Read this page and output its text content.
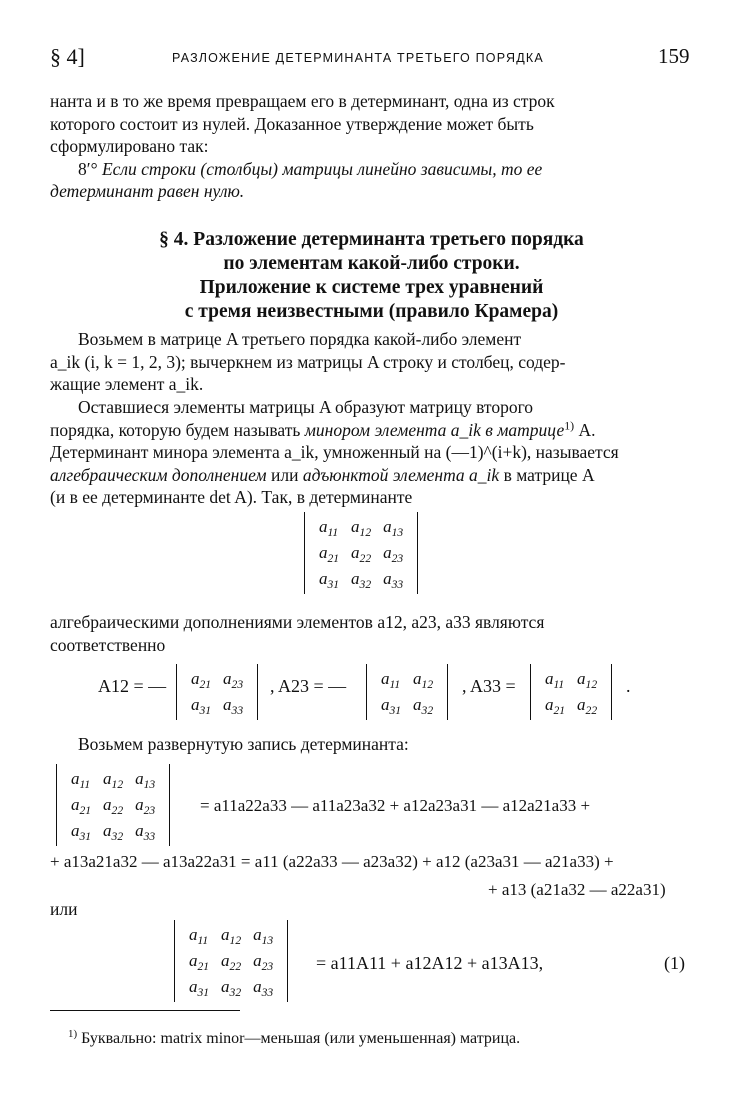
§ 4]	РАЗЛОЖЕНИЕ ДЕТЕРМИНАНТА ТРЕТЬЕГО ПОРЯДКА	159
нанта и в то же время превращаем его в детерминант, одна из строк
которого состоит из нулей. Доказанное утверждение может быть
сформулировано так:
8′° Если строки (столбцы) матрицы линейно зависимы, то ее
детерминант равен нулю.
§ 4. Разложение детерминанта третьего порядка
по элементам какой-либо строки.
Приложение к системе трех уравнений
с тремя неизвестными (правило Крамера)
Возьмем в матрице A третьего порядка какой-либо элемент
a_ik (i, k = 1, 2, 3); вычеркнем из матрицы A строку и столбец, содер-
жащие элемент a_ik.
Оставшиеся элементы матрицы A образуют матрицу второго
порядка, которую будем называть минором элемента a_ik в матрице$^{1)}$ A.
Детерминант минора элемента a_ik, умноженный на (—1)^(i+k), называется
алгебраическим дополнением или адъюнктой элемента a_ik в матрице A
(и в ее детерминанте det A). Так, в детерминанте
$a_{11}$	$a_{12}$	$a_{13}$
$a_{21}$	$a_{22}$	$a_{23}$
$a_{31}$	$a_{32}$	$a_{33}$
алгебраическими дополнениями элементов a12, a23, a33 являются
соответственно
A12 = — $a_{21}$	$a_{23}$
$a_{31}$	$a_{33}$
, A23 = — $a_{11}$	$a_{12}$
$a_{31}$	$a_{32}$
, $A33 = a_{11}$	$a_{12}$
$a_{21}$	$a_{22}$
.
Возьмем развернутую запись детерминанта:
$a_{11}$	$a_{12}$	$a_{13}$
$a_{21}$	$a_{22}$	$a_{23}$
$a_{31}$	$a_{32}$	$a_{33}$
= a11a22a33 — a11a23a32 + a12a23a31 — a12a21a33 +
+ a13a21a32 — a13a22a31 = a11 (a22a33 — a23a32) + a12 (a23a31 — a21a33) +
+ a13 (a21a32 — a22a31)
или
$a_{11}$	$a_{12}$	$a_{13}$
$a_{21}$	$a_{22}$	$a_{23}$
$a_{31}$	$a_{32}$	$a_{33}$
= a11A11 + a12A12 + a13A13,	(1)
$^{1)}$ Буквально: matrix minor—меньшая (или уменьшенная) матрица.
